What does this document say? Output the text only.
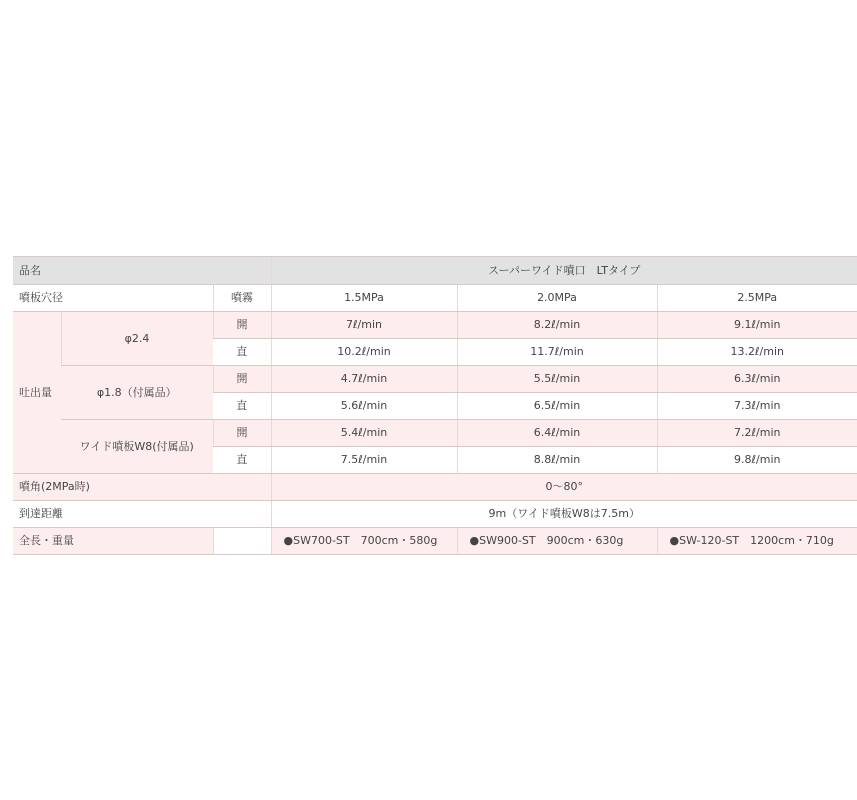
品名			スーパーワイド噴口　LTタイプ		
噴板穴径		噴霧	1.5MPa	2.0MPa	2.5MPa
吐出量	φ2.4	開	7ℓ/min	8.2ℓ/min	9.1ℓ/min
		直	10.2ℓ/min	11.7ℓ/min	13.2ℓ/min
	φ1.8（付属品）	開	4.7ℓ/min	5.5ℓ/min	6.3ℓ/min
		直	5.6ℓ/min	6.5ℓ/min	7.3ℓ/min
	ワイド噴板W8(付属品)	開	5.4ℓ/min	6.4ℓ/min	7.2ℓ/min
		直	7.5ℓ/min	8.8ℓ/min	9.8ℓ/min
噴角(2MPa時)			0〜80°		
到達距離			9m（ワイド噴板W8は7.5m）		
全長・重量			●SW700-ST　700cm・580g	●SW900-ST　900cm・630g	●SW-120-ST　1200cm・710g
